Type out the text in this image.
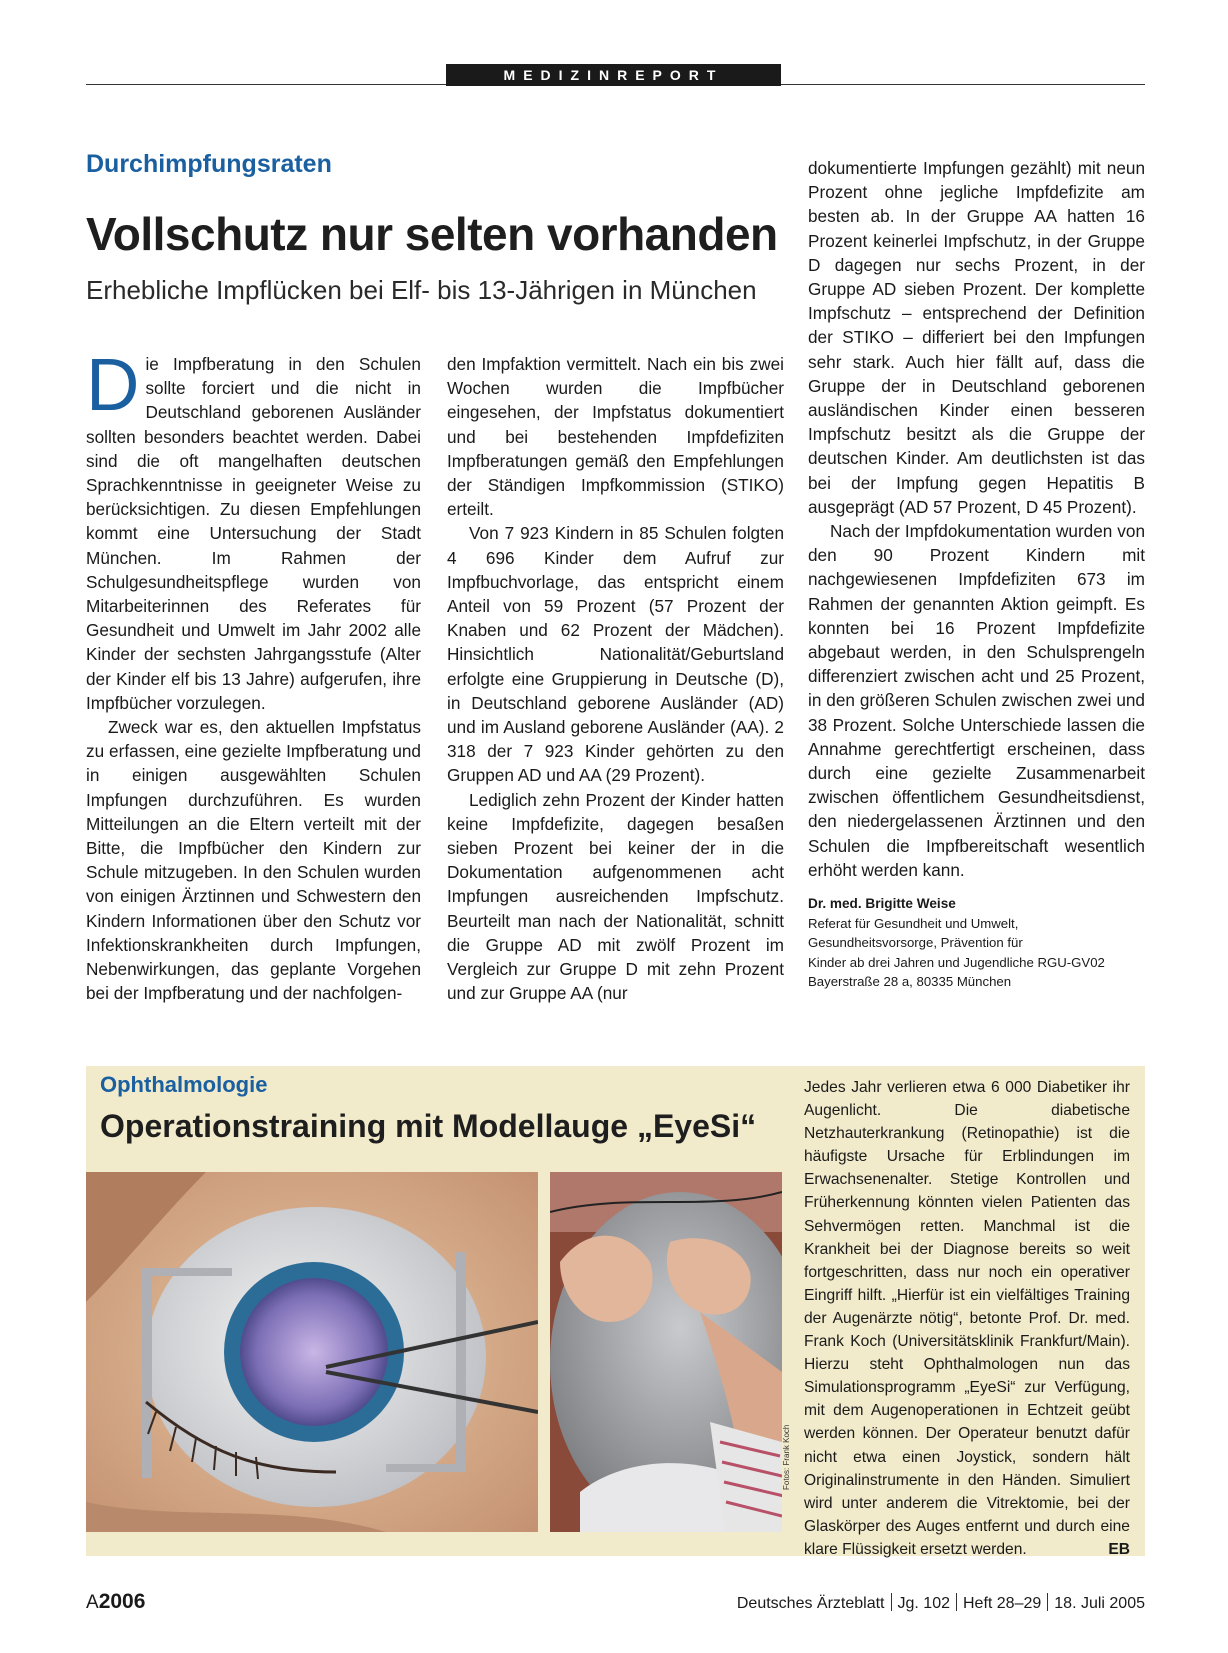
MEDIZINREPORT
Durchimpfungsraten
Vollschutz nur selten vorhanden
Erhebliche Impflücken bei Elf- bis 13-Jährigen in München

Die Impfberatung in den Schulen sollte forciert und die nicht in Deutschland geborenen Ausländer sollten besonders beachtet werden. Dabei sind die oft mangelhaften deutschen Sprachkenntnisse in geeigneter Weise zu berücksichtigen. Zu diesen Empfehlungen kommt eine Untersuchung der Stadt München. Im Rahmen der Schulgesundheitspflege wurden von Mitarbeiterinnen des Referates für Gesundheit und Umwelt im Jahr 2002 alle Kinder der sechsten Jahrgangsstufe (Alter der Kinder elf bis 13 Jahre) aufgerufen, ihre Impfbücher vorzulegen.

Zweck war es, den aktuellen Impfstatus zu erfassen, eine gezielte Impfberatung und in einigen ausgewählten Schulen Impfungen durchzuführen. Es wurden Mitteilungen an die Eltern verteilt mit der Bitte, die Impfbücher den Kindern zur Schule mitzugeben. In den Schulen wurden von einigen Ärztinnen und Schwestern den Kindern Informationen über den Schutz vor Infektionskrankheiten durch Impfungen, Nebenwirkungen, das geplante Vorgehen bei der Impfberatung und der nachfolgen-

den Impfaktion vermittelt. Nach ein bis zwei Wochen wurden die Impfbücher eingesehen, der Impfstatus dokumentiert und bei bestehenden Impfdefiziten Impfberatungen gemäß den Empfehlungen der Ständigen Impfkommission (STIKO) erteilt.

Von 7 923 Kindern in 85 Schulen folgten 4 696 Kinder dem Aufruf zur Impfbuchvorlage, das entspricht einem Anteil von 59 Prozent (57 Prozent der Knaben und 62 Prozent der Mädchen). Hinsichtlich Nationalität/Geburtsland erfolgte eine Gruppierung in Deutsche (D), in Deutschland geborene Ausländer (AD) und im Ausland geborene Ausländer (AA). 2 318 der 7 923 Kinder gehörten zu den Gruppen AD und AA (29 Prozent).

Lediglich zehn Prozent der Kinder hatten keine Impfdefizite, dagegen besaßen sieben Prozent bei keiner der in die Dokumentation aufgenommenen acht Impfungen ausreichenden Impfschutz. Beurteilt man nach der Nationalität, schnitt die Gruppe AD mit zwölf Prozent im Vergleich zur Gruppe D mit zehn Prozent und zur Gruppe AA (nur

dokumentierte Impfungen gezählt) mit neun Prozent ohne jegliche Impfdefizite am besten ab. In der Gruppe AA hatten 16 Prozent keinerlei Impfschutz, in der Gruppe D dagegen nur sechs Prozent, in der Gruppe AD sieben Prozent. Der komplette Impfschutz – entsprechend der Definition der STIKO – differiert bei den Impfungen sehr stark. Auch hier fällt auf, dass die Gruppe der in Deutschland geborenen ausländischen Kinder einen besseren Impfschutz besitzt als die Gruppe der deutschen Kinder. Am deutlichsten ist das bei der Impfung gegen Hepatitis B ausgeprägt (AD 57 Prozent, D 45 Prozent).

Nach der Impfdokumentation wurden von den 90 Prozent Kindern mit nachgewiesenen Impfdefiziten 673 im Rahmen der genannten Aktion geimpft. Es konnten bei 16 Prozent Impfdefizite abgebaut werden, in den Schulsprengeln differenziert zwischen acht und 25 Prozent, in den größeren Schulen zwischen zwei und 38 Prozent. Solche Unterschiede lassen die Annahme gerechtfertigt erscheinen, dass durch eine gezielte Zusammenarbeit zwischen öffentlichem Gesundheitsdienst, den niedergelassenen Ärztinnen und den Schulen die Impfbereitschaft wesentlich erhöht werden kann.

Dr. med. Brigitte Weise
Referat für Gesundheit und Umwelt,
Gesundheitsvorsorge, Prävention für
Kinder ab drei Jahren und Jugendliche RGU-GV02
Bayerstraße 28 a, 80335 München
Ophthalmologie
Operationstraining mit Modellauge „EyeSi“
Fotos: Frank Koch
Jedes Jahr verlieren etwa 6 000 Diabetiker ihr Augenlicht. Die diabetische Netzhauterkrankung (Retinopathie) ist die häufigste Ursache für Erblindungen im Erwachsenenalter. Stetige Kontrollen und Früherkennung könnten vielen Patienten das Sehvermögen retten. Manchmal ist die Krankheit bei der Diagnose bereits so weit fortgeschritten, dass nur noch ein operativer Eingriff hilft. „Hierfür ist ein vielfältiges Training der Augenärzte nötig“, betonte Prof. Dr. med. Frank Koch (Universitätsklinik Frankfurt/Main). Hierzu steht Ophthalmologen nun das Simulationsprogramm „EyeSi“ zur Verfügung, mit dem Augenoperationen in Echtzeit geübt werden können. Der Operateur benutzt dafür nicht etwa einen Joystick, sondern hält Originalinstrumente in den Händen. Simuliert wird unter anderem die Vitrektomie, bei der Glaskörper des Auges entfernt und durch eine klare Flüssigkeit ersetzt werden.	EB
A2006	Deutsches Ärzteblatt Jg. 102 Heft 28–29 18. Juli 2005
